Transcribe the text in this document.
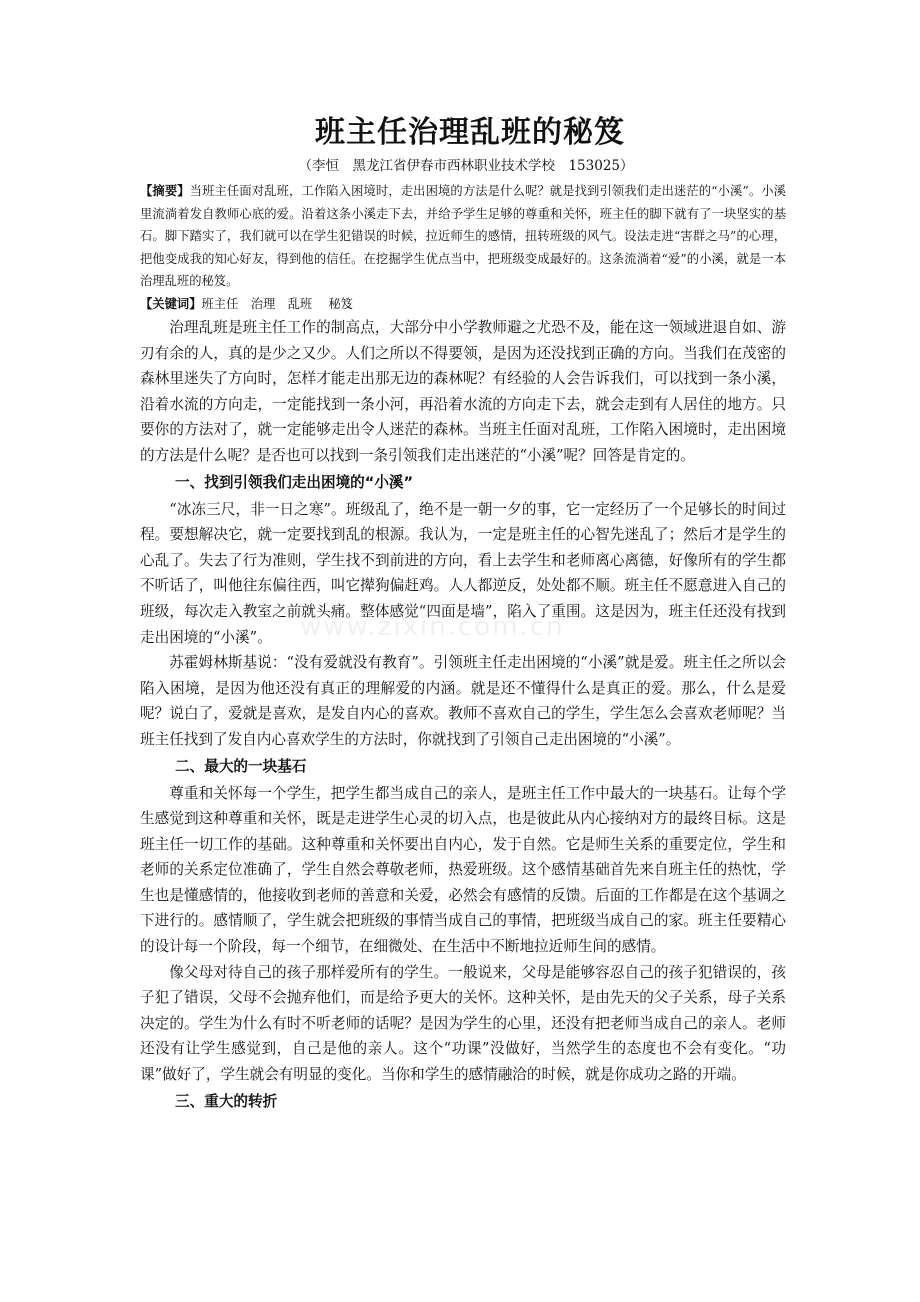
班主任治理乱班的秘笈
（李恒　黑龙江省伊春市西林职业技术学校　153025）

【摘要】当班主任面对乱班，工作陷入困境时，走出困境的方法是什么呢？就是找到引领我们走出迷茫的“小溪”。小溪里流淌着发自教师心底的爱。沿着这条小溪走下去，并给予学生足够的尊重和关怀，班主任的脚下就有了一块坚实的基石。脚下踏实了，我们就可以在学生犯错误的时候，拉近师生的感情，扭转班级的风气。设法走进“害群之马”的心理，把他变成我的知心好友，得到他的信任。在挖掘学生优点当中，把班级变成最好的。这条流淌着“爱”的小溪，就是一本治理乱班的秘笈。

【关键词】班主任　治理　乱班　 秘笈

治理乱班是班主任工作的制高点，大部分中小学教师避之尤恐不及，能在这一领域进退自如、游刃有余的人，真的是少之又少。人们之所以不得要领，是因为还没找到正确的方向。当我们在茂密的森林里迷失了方向时，怎样才能走出那无边的森林呢？有经验的人会告诉我们，可以找到一条小溪，沿着水流的方向走，一定能找到一条小河，再沿着水流的方向走下去，就会走到有人居住的地方。只要你的方法对了，就一定能够走出令人迷茫的森林。当班主任面对乱班，工作陷入困境时，走出困境的方法是什么呢？是否也可以找到一条引领我们走出迷茫的“小溪”呢？回答是肯定的。

一、找到引领我们走出困境的“小溪”

“冰冻三尺，非一日之寒”。班级乱了，绝不是一朝一夕的事，它一定经历了一个足够长的时间过程。要想解决它，就一定要找到乱的根源。我认为，一定是班主任的心智先迷乱了；然后才是学生的心乱了。失去了行为准则，学生找不到前进的方向，看上去学生和老师离心离德，好像所有的学生都不听话了，叫他往东偏往西，叫它撵狗偏赶鸡。人人都逆反，处处都不顺。班主任不愿意进入自己的班级，每次走入教室之前就头痛。整体感觉“四面是墙”，陷入了重围。这是因为，班主任还没有找到走出困境的“小溪”。

苏霍姆林斯基说：“没有爱就没有教育”。引领班主任走出困境的“小溪”就是爱。班主任之所以会陷入困境，是因为他还没有真正的理解爱的内涵。就是还不懂得什么是真正的爱。那么，什么是爱呢？说白了，爱就是喜欢，是发自内心的喜欢。教师不喜欢自己的学生，学生怎么会喜欢老师呢？当班主任找到了发自内心喜欢学生的方法时，你就找到了引领自己走出困境的“小溪”。

二、最大的一块基石

尊重和关怀每一个学生，把学生都当成自己的亲人，是班主任工作中最大的一块基石。让每个学生感觉到这种尊重和关怀，既是走进学生心灵的切入点，也是彼此从内心接纳对方的最终目标。这是班主任一切工作的基础。这种尊重和关怀要出自内心，发于自然。它是师生关系的重要定位，学生和老师的关系定位准确了，学生自然会尊敬老师，热爱班级。这个感情基础首先来自班主任的热忱，学生也是懂感情的，他接收到老师的善意和关爱，必然会有感情的反馈。后面的工作都是在这个基调之下进行的。感情顺了，学生就会把班级的事情当成自己的事情，把班级当成自己的家。班主任要精心的设计每一个阶段，每一个细节，在细微处、在生活中不断地拉近师生间的感情。

像父母对待自己的孩子那样爱所有的学生。一般说来，父母是能够容忍自己的孩子犯错误的，孩子犯了错误，父母不会抛弃他们，而是给予更大的关怀。这种关怀，是由先天的父子关系，母子关系决定的。学生为什么有时不听老师的话呢？是因为学生的心里，还没有把老师当成自己的亲人。老师还没有让学生感觉到，自己是他的亲人。这个“功课”没做好，当然学生的态度也不会有变化。“功课”做好了，学生就会有明显的变化。当你和学生的感情融洽的时候，就是你成功之路的开端。

三、重大的转折
www.zixin.com.cn
